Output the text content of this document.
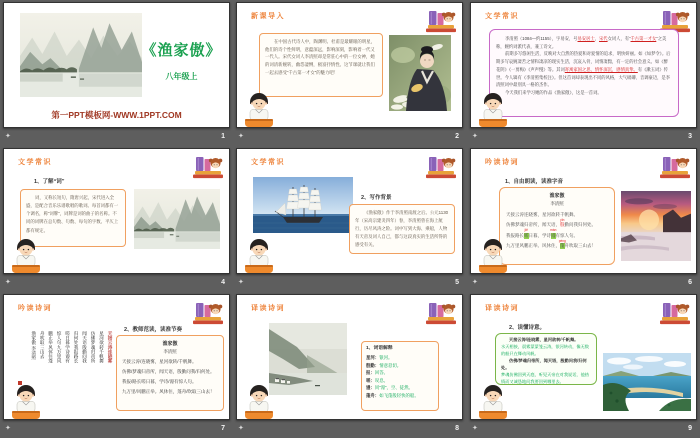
《渔家傲》
八年级上
第一PPT模板网-WWW.1PPT.COM
✦	1
新课导入

在中国古代诗人中，陶渊明、杜甫是最耀眼的明星，他们的诗个性鲜明，意蕴深远，影响深刻，影响着一代又一代人。宋代女词人李清照却是常驻心中的一位女神，她的词清新婉转，幽怨凄恻，极富抒情性。这节课就让我们一起去感受“千古第一才女”的魅力吧！

✦	2
文学常识

李清照（1084—约1155），字易安，号易安居士，宋代女词人，有“千古第一才女”之美称，婉约词派代表，兼工诗文。

前期多写悠闲生活，反映对大自然的热爱和对爱情的追求，明快妍丽。如《如梦令》。后期多写哀婉凄苦之情和凄凉的现实生活，沉哀入骨，词情凄黯，有一定的社会意义。如《醉花阴》《一剪梅》《声声慢》等。其词寄寓家国之思，情怀深沉，感情真挚。有《漱玉词》传世。今人辑有《李清照集校注》。但这首词却表现出不同的风格，大气磅礴、音调豪迈，是李清照词中最别具一格的杰作。

今天我们来学习她的作品《渔家傲》，这是一首词。

✦	3
文学常识
1、了解“词”

词，又称长短句，隋唐兴起，宋代进入全盛，是配合音乐乐谱歌唱的歌词。每首词都有一个调名，称“词牌”，词牌是词的曲子的名称。不同的词牌在总句数、句数、每句的字数、平仄上都有规定。

✦	4
文学常识
2、写作背景

《渔家傲》作于李清照南渡之后。公元1130年（宋高宗建炎四年）春，李清照曾在海上航行，历尽风涛之险。词中写到大海、乘船，人物有天帝及词人自己，都与这段真实的生活所得的感受有关。

✦	5
吟读诗词
1、自由朗读，读准字音
渔家傲
李清照
天接云涛连晓雾，星河欲转千帆舞。
仿佛梦魂归帝所，闻天语，
yīn
殷勤问我归何处。
我报路长
jiē
嗟日暮，学诗
màn
谩有惊人句。
九万里风鹏正举。风休住，
péng
蓬舟吹取三山去！
✦	6
吟读诗词
天接云涛连晓雾
星河欲转千帆舞
仿佛梦魂归帝所
闻天语殷勤问我
归何处我报路长
嗟日暮学诗谩有
惊人句九万里风
鹏正举风休住蓬
舟吹取三山去
渔家傲 李清照
2、教师范读，读准节奏
渔家傲
李清照
天接云涛/连晓雾，星河欲转/千帆舞。
仿佛/梦魂归帝所，闻天语，殷勤问我/归何处。
我报/路长嗟日暮，学诗/谩有惊人句。
九万里/风鹏正举。风休住，蓬舟/吹取三山去！
✦	7
译读诗词

1、词语解释

星河：银河。

殷勤：情意恳切。

报：回答。

嗟：叹息。

谩：同“漫”，空、徒然。

蓬舟：如飞蓬般轻快的船。

✦	8
译读诗词
2、读懂诗意。

天接云涛/连晓雾，星河欲转/千帆舞。

水天相接，晨雾蒙蒙笼云涛，银河转动，像无数的船只在舞动风帆。

仿佛/梦魂归帝所，闻天语，殷勤问我/归何处。

梦魂仿佛回到天庭，听见天帝在对我说话，他热情而又诚恳地问我要回到哪里去。

✦	9
